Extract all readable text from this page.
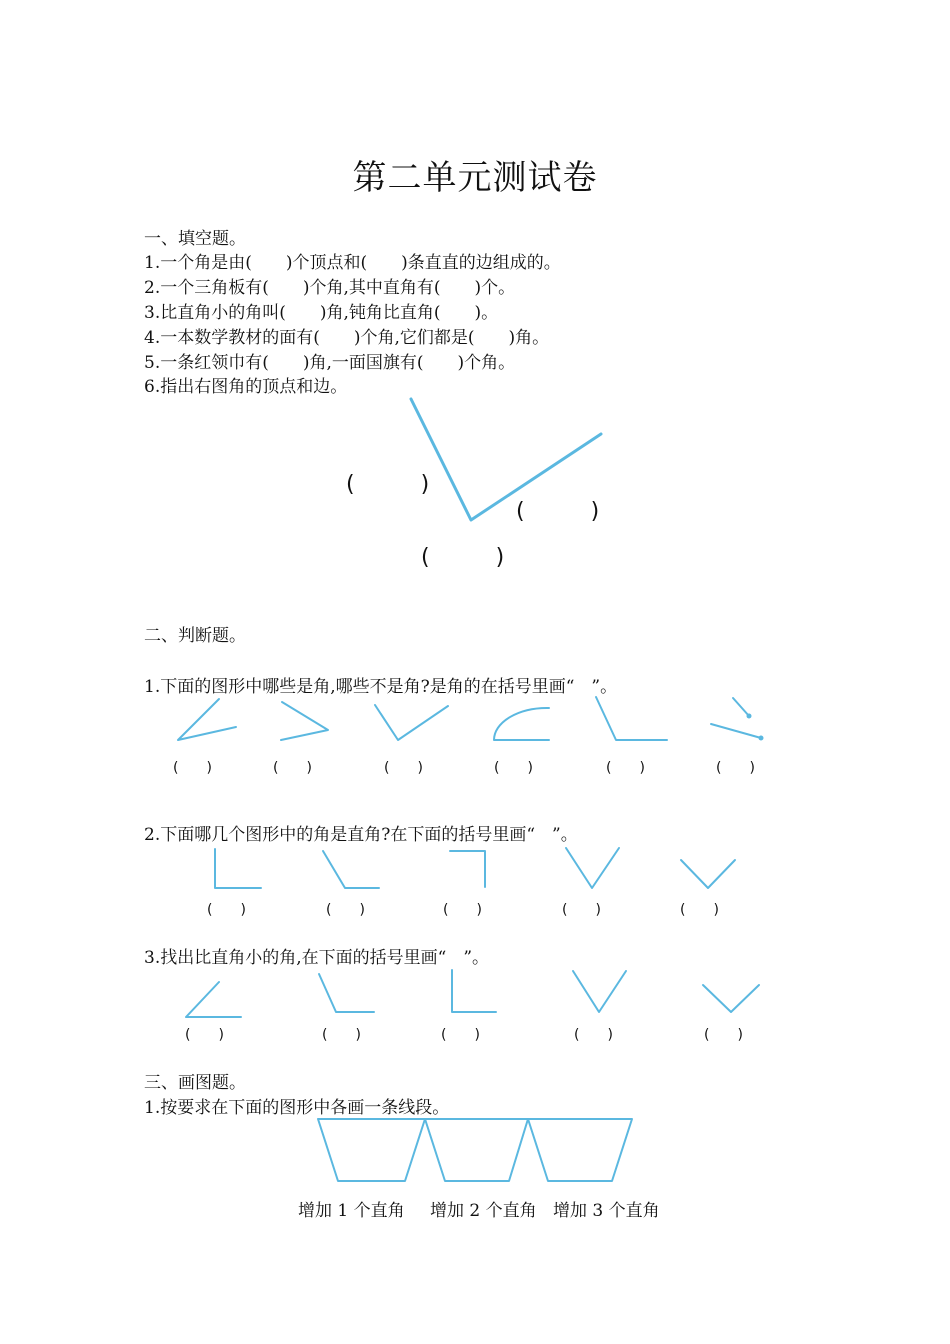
第二单元测试卷
一、填空题。
1.一个角是由(　　)个顶点和(　　)条直直的边组成的。
2.一个三角板有(　　)个角,其中直角有(　　)个。
3.比直角小的角叫(　　)角,钝角比直角(　　)。
4.一本数学教材的面有(　　)个角,它们都是(　　)角。
5.一条红领巾有(　　)角,一面国旗有(　　)个角。
6.指出右图角的顶点和边。
(　　　)
(　　　)
(　　　)
二、判断题。
1.下面的图形中哪些是角,哪些不是角?是角的在括号里画“　”。
(　　)	(　　)	(　　)	(　　)	(　　)	(　　)
2.下面哪几个图形中的角是直角?在下面的括号里画“　”。
(　　)	(　　)	(　　)	(　　)	(　　)
3.找出比直角小的角,在下面的括号里画“　”。
(　　)	(　　)	(　　)	(　　)	(　　)
三、画图题。
1.按要求在下面的图形中各画一条线段。
增加 1 个直角 增加 2 个直角 增加 3 个直角
